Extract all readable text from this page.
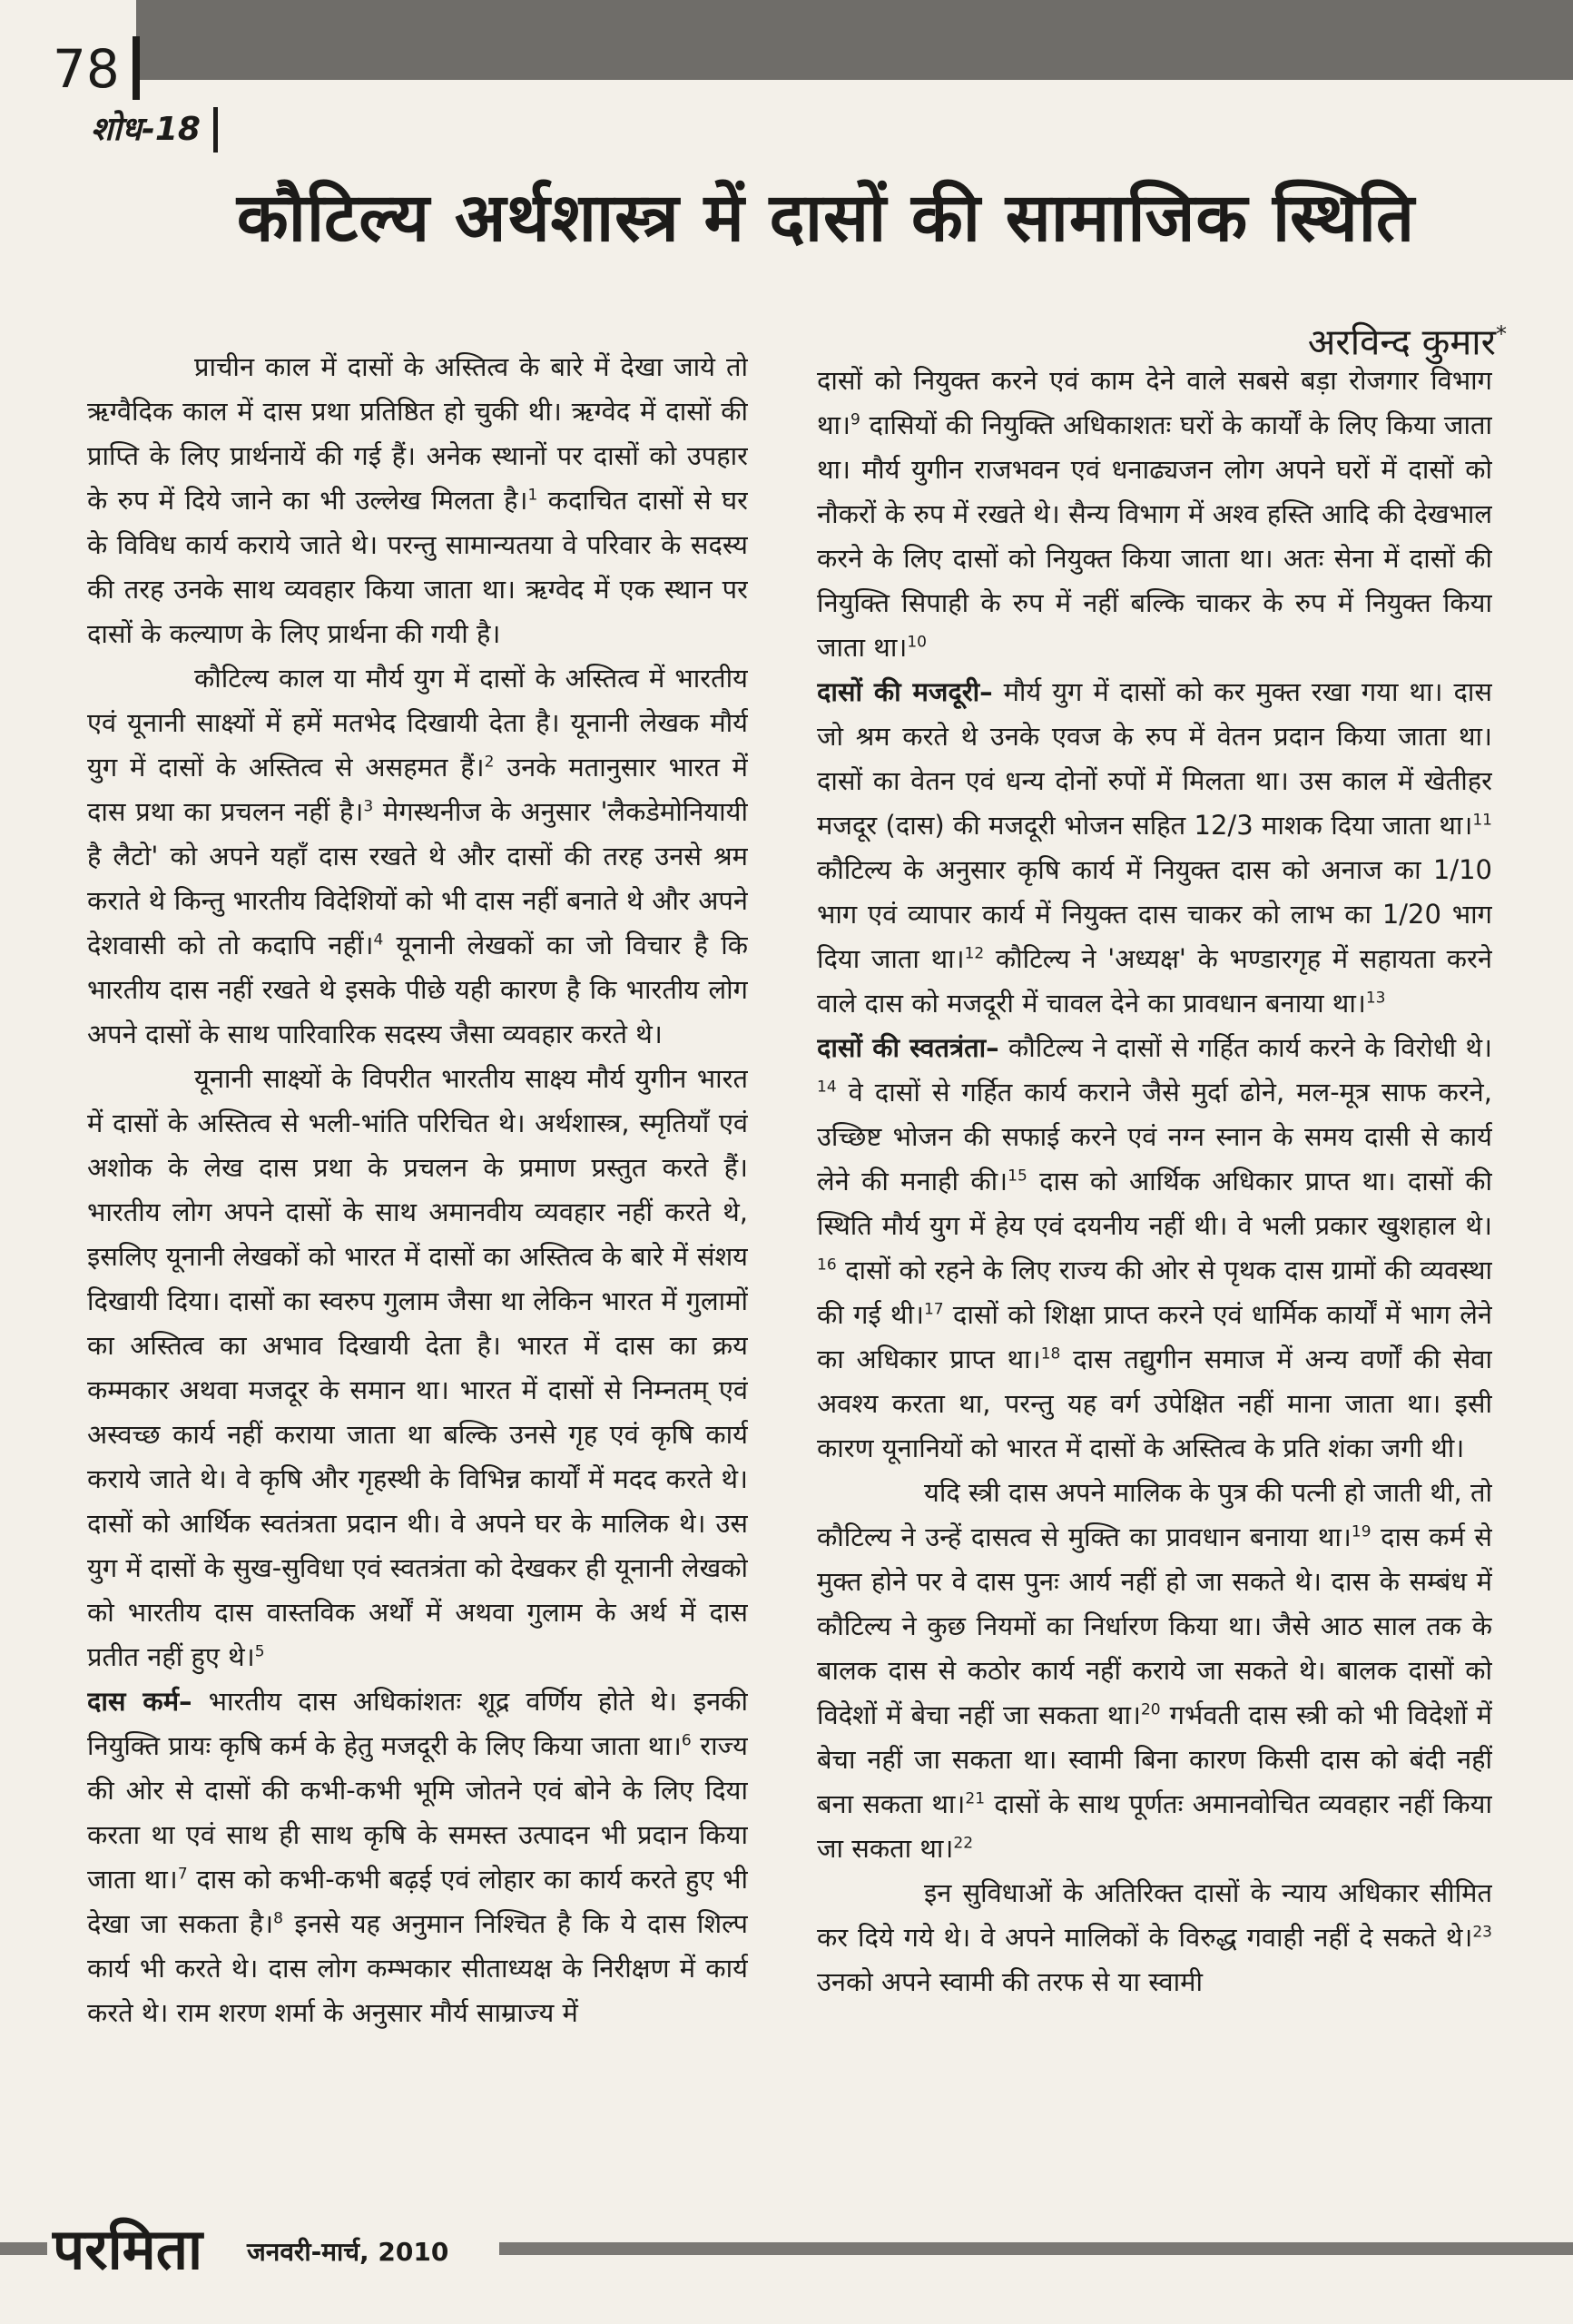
78
शोध-18
कौटिल्य अर्थशास्त्र में दासों की सामाजिक स्थिति
अरविन्द कुमार*

प्राचीन काल में दासों के अस्तित्व के बारे में देखा जाये तो ऋग्वैदिक काल में दास प्रथा प्रतिष्ठित हो चुकी थी। ऋग्वेद में दासों की प्राप्ति के लिए प्रार्थनायें की गई हैं। अनेक स्थानों पर दासों को उपहार के रुप में दिये जाने का भी उल्लेख मिलता है।$^1$ कदाचित दासों से घर के विविध कार्य कराये जाते थे। परन्तु सामान्यतया वे परिवार के सदस्य की तरह उनके साथ व्यवहार किया जाता था। ऋग्वेद में एक स्थान पर दासों के कल्याण के लिए प्रार्थना की गयी है।

कौटिल्य काल या मौर्य युग में दासों के अस्तित्व में भारतीय एवं यूनानी साक्ष्यों में हमें मतभेद दिखायी देता है। यूनानी लेखक मौर्य युग में दासों के अस्तित्व से असहमत हैं।$^2$ उनके मतानुसार भारत में दास प्रथा का प्रचलन नहीं है।$^3$ मेगस्थनीज के अनुसार 'लैकडेमोनियायी है लैटो' को अपने यहाँ दास रखते थे और दासों की तरह उनसे श्रम कराते थे किन्तु भारतीय विदेशियों को भी दास नहीं बनाते थे और अपने देशवासी को तो कदापि नहीं।$^4$ यूनानी लेखकों का जो विचार है कि भारतीय दास नहीं रखते थे इसके पीछे यही कारण है कि भारतीय लोग अपने दासों के साथ पारिवारिक सदस्य जैसा व्यवहार करते थे।

यूनानी साक्ष्यों के विपरीत भारतीय साक्ष्य मौर्य युगीन भारत में दासों के अस्तित्व से भली-भांति परिचित थे। अर्थशास्त्र, स्मृतियाँ एवं अशोक के लेख दास प्रथा के प्रचलन के प्रमाण प्रस्तुत करते हैं। भारतीय लोग अपने दासों के साथ अमानवीय व्यवहार नहीं करते थे, इसलिए यूनानी लेखकों को भारत में दासों का अस्तित्व के बारे में संशय दिखायी दिया। दासों का स्वरुप गुलाम जैसा था लेकिन भारत में गुलामों का अस्तित्व का अभाव दिखायी देता है। भारत में दास का क्रय कम्मकार अथवा मजदूर के समान था। भारत में दासों से निम्नतम् एवं अस्वच्छ कार्य नहीं कराया जाता था बल्कि उनसे गृह एवं कृषि कार्य कराये जाते थे। वे कृषि और गृहस्थी के विभिन्न कार्यों में मदद करते थे। दासों को आर्थिक स्वतंत्रता प्रदान थी। वे अपने घर के मालिक थे। उस युग में दासों के सुख-सुविधा एवं स्वतत्रंता को देखकर ही यूनानी लेखको को भारतीय दास वास्तविक अर्थों में अथवा गुलाम के अर्थ में दास प्रतीत नहीं हुए थे।$^5$

दास कर्म– भारतीय दास अधिकांशतः शूद्र वर्णिय होते थे। इनकी नियुक्ति प्रायः कृषि कर्म के हेतु मजदूरी के लिए किया जाता था।$^6$ राज्य की ओर से दासों की कभी-कभी भूमि जोतने एवं बोने के लिए दिया करता था एवं साथ ही साथ कृषि के समस्त उत्पादन भी प्रदान किया जाता था।$^7$ दास को कभी-कभी बढ़ई एवं लोहार का कार्य करते हुए भी देखा जा सकता है।$^8$ इनसे यह अनुमान निश्चित है कि ये दास शिल्प कार्य भी करते थे। दास लोग कम्भकार सीताध्यक्ष के निरीक्षण में कार्य करते थे। राम शरण शर्मा के अनुसार मौर्य साम्राज्य में

दासों को नियुक्त करने एवं काम देने वाले सबसे बड़ा रोजगार विभाग था।$^9$ दासियों की नियुक्ति अधिकाशतः घरों के कार्यों के लिए किया जाता था। मौर्य युगीन राजभवन एवं धनाढ्यजन लोग अपने घरों में दासों को नौकरों के रुप में रखते थे। सैन्य विभाग में अश्व हस्ति आदि की देखभाल करने के लिए दासों को नियुक्त किया जाता था। अतः सेना में दासों की नियुक्ति सिपाही के रुप में नहीं बल्कि चाकर के रुप में नियुक्त किया जाता था।$^{10}$

दासों की मजदूरी– मौर्य युग में दासों को कर मुक्त रखा गया था। दास जो श्रम करते थे उनके एवज के रुप में वेतन प्रदान किया जाता था। दासों का वेतन एवं धन्य दोनों रुपों में मिलता था। उस काल में खेतीहर मजदूर (दास) की मजदूरी भोजन सहित 12/3 माशक दिया जाता था।$^{11}$ कौटिल्य के अनुसार कृषि कार्य में नियुक्त दास को अनाज का 1/10 भाग एवं व्यापार कार्य में नियुक्त दास चाकर को लाभ का 1/20 भाग दिया जाता था।$^{12}$ कौटिल्य ने 'अध्यक्ष' के भण्डारगृह में सहायता करने वाले दास को मजदूरी में चावल देने का प्रावधान बनाया था।$^{13}$

दासों की स्वतत्रंता– कौटिल्य ने दासों से गर्हित कार्य करने के विरोधी थे।$^{14}$ वे दासों से गर्हित कार्य कराने जैसे मुर्दा ढोने, मल-मूत्र साफ करने, उच्छिष्ट भोजन की सफाई करने एवं नग्न स्नान के समय दासी से कार्य लेने की मनाही की।$^{15}$ दास को आर्थिक अधिकार प्राप्त था। दासों की स्थिति मौर्य युग में हेय एवं दयनीय नहीं थी। वे भली प्रकार खुशहाल थे।$^{16}$ दासों को रहने के लिए राज्य की ओर से पृथक दास ग्रामों की व्यवस्था की गई थी।$^{17}$ दासों को शिक्षा प्राप्त करने एवं धार्मिक कार्यों में भाग लेने का अधिकार प्राप्त था।$^{18}$ दास तद्युगीन समाज में अन्य वर्णों की सेवा अवश्य करता था, परन्तु यह वर्ग उपेक्षित नहीं माना जाता था। इसी कारण यूनानियों को भारत में दासों के अस्तित्व के प्रति शंका जगी थी।

यदि स्त्री दास अपने मालिक के पुत्र की पत्नी हो जाती थी, तो कौटिल्य ने उन्हें दासत्व से मुक्ति का प्रावधान बनाया था।$^{19}$ दास कर्म से मुक्त होने पर वे दास पुनः आर्य नहीं हो जा सकते थे। दास के सम्बंध में कौटिल्य ने कुछ नियमों का निर्धारण किया था। जैसे आठ साल तक के बालक दास से कठोर कार्य नहीं कराये जा सकते थे। बालक दासों को विदेशों में बेचा नहीं जा सकता था।$^{20}$ गर्भवती दास स्त्री को भी विदेशों में बेचा नहीं जा सकता था। स्वामी बिना कारण किसी दास को बंदी नहीं बना सकता था।$^{21}$ दासों के साथ पूर्णतः अमानवोचित व्यवहार नहीं किया जा सकता था।$^{22}$

इन सुविधाओं के अतिरिक्त दासों के न्याय अधिकार सीमित कर दिये गये थे। वे अपने मालिकों के विरुद्ध गवाही नहीं दे सकते थे।$^{23}$ उनको अपने स्वामी की तरफ से या स्वामी

परमिता जनवरी-मार्च, 2010
